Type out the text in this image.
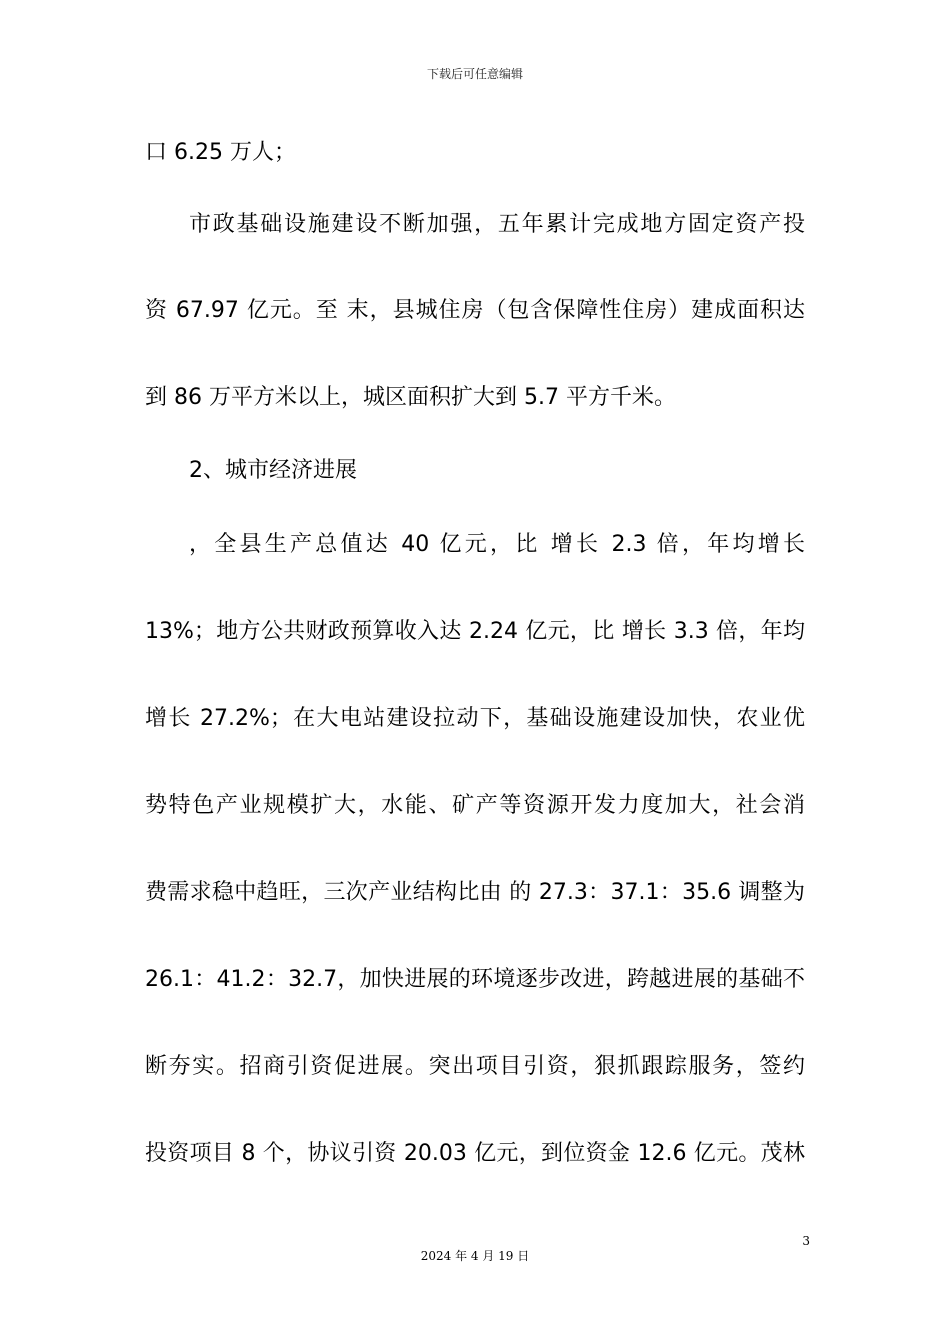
下载后可任意编辑
口 6.25 万人；
市政基础设施建设不断加强，五年累计完成地方固定资产投
资 67.97 亿元。至 末，县城住房（包含保障性住房）建成面积达
到 86 万平方米以上，城区面积扩大到 5.7 平方千米。
2、城市经济进展
，全县生产总值达 40 亿元，比 增长 2.3 倍，年均增长
13%；地方公共财政预算收入达 2.24 亿元，比 增长 3.3 倍，年均
增长 27.2%；在大电站建设拉动下，基础设施建设加快，农业优
势特色产业规模扩大，水能、矿产等资源开发力度加大，社会消
费需求稳中趋旺，三次产业结构比由 的 27.3：37.1：35.6 调整为
26.1：41.2：32.7，加快进展的环境逐步改进，跨越进展的基础不
断夯实。招商引资促进展。突出项目引资，狠抓跟踪服务，签约
投资项目 8 个，协议引资 20.03 亿元，到位资金 12.6 亿元。茂林
3
2024 年 4 月 19 日
